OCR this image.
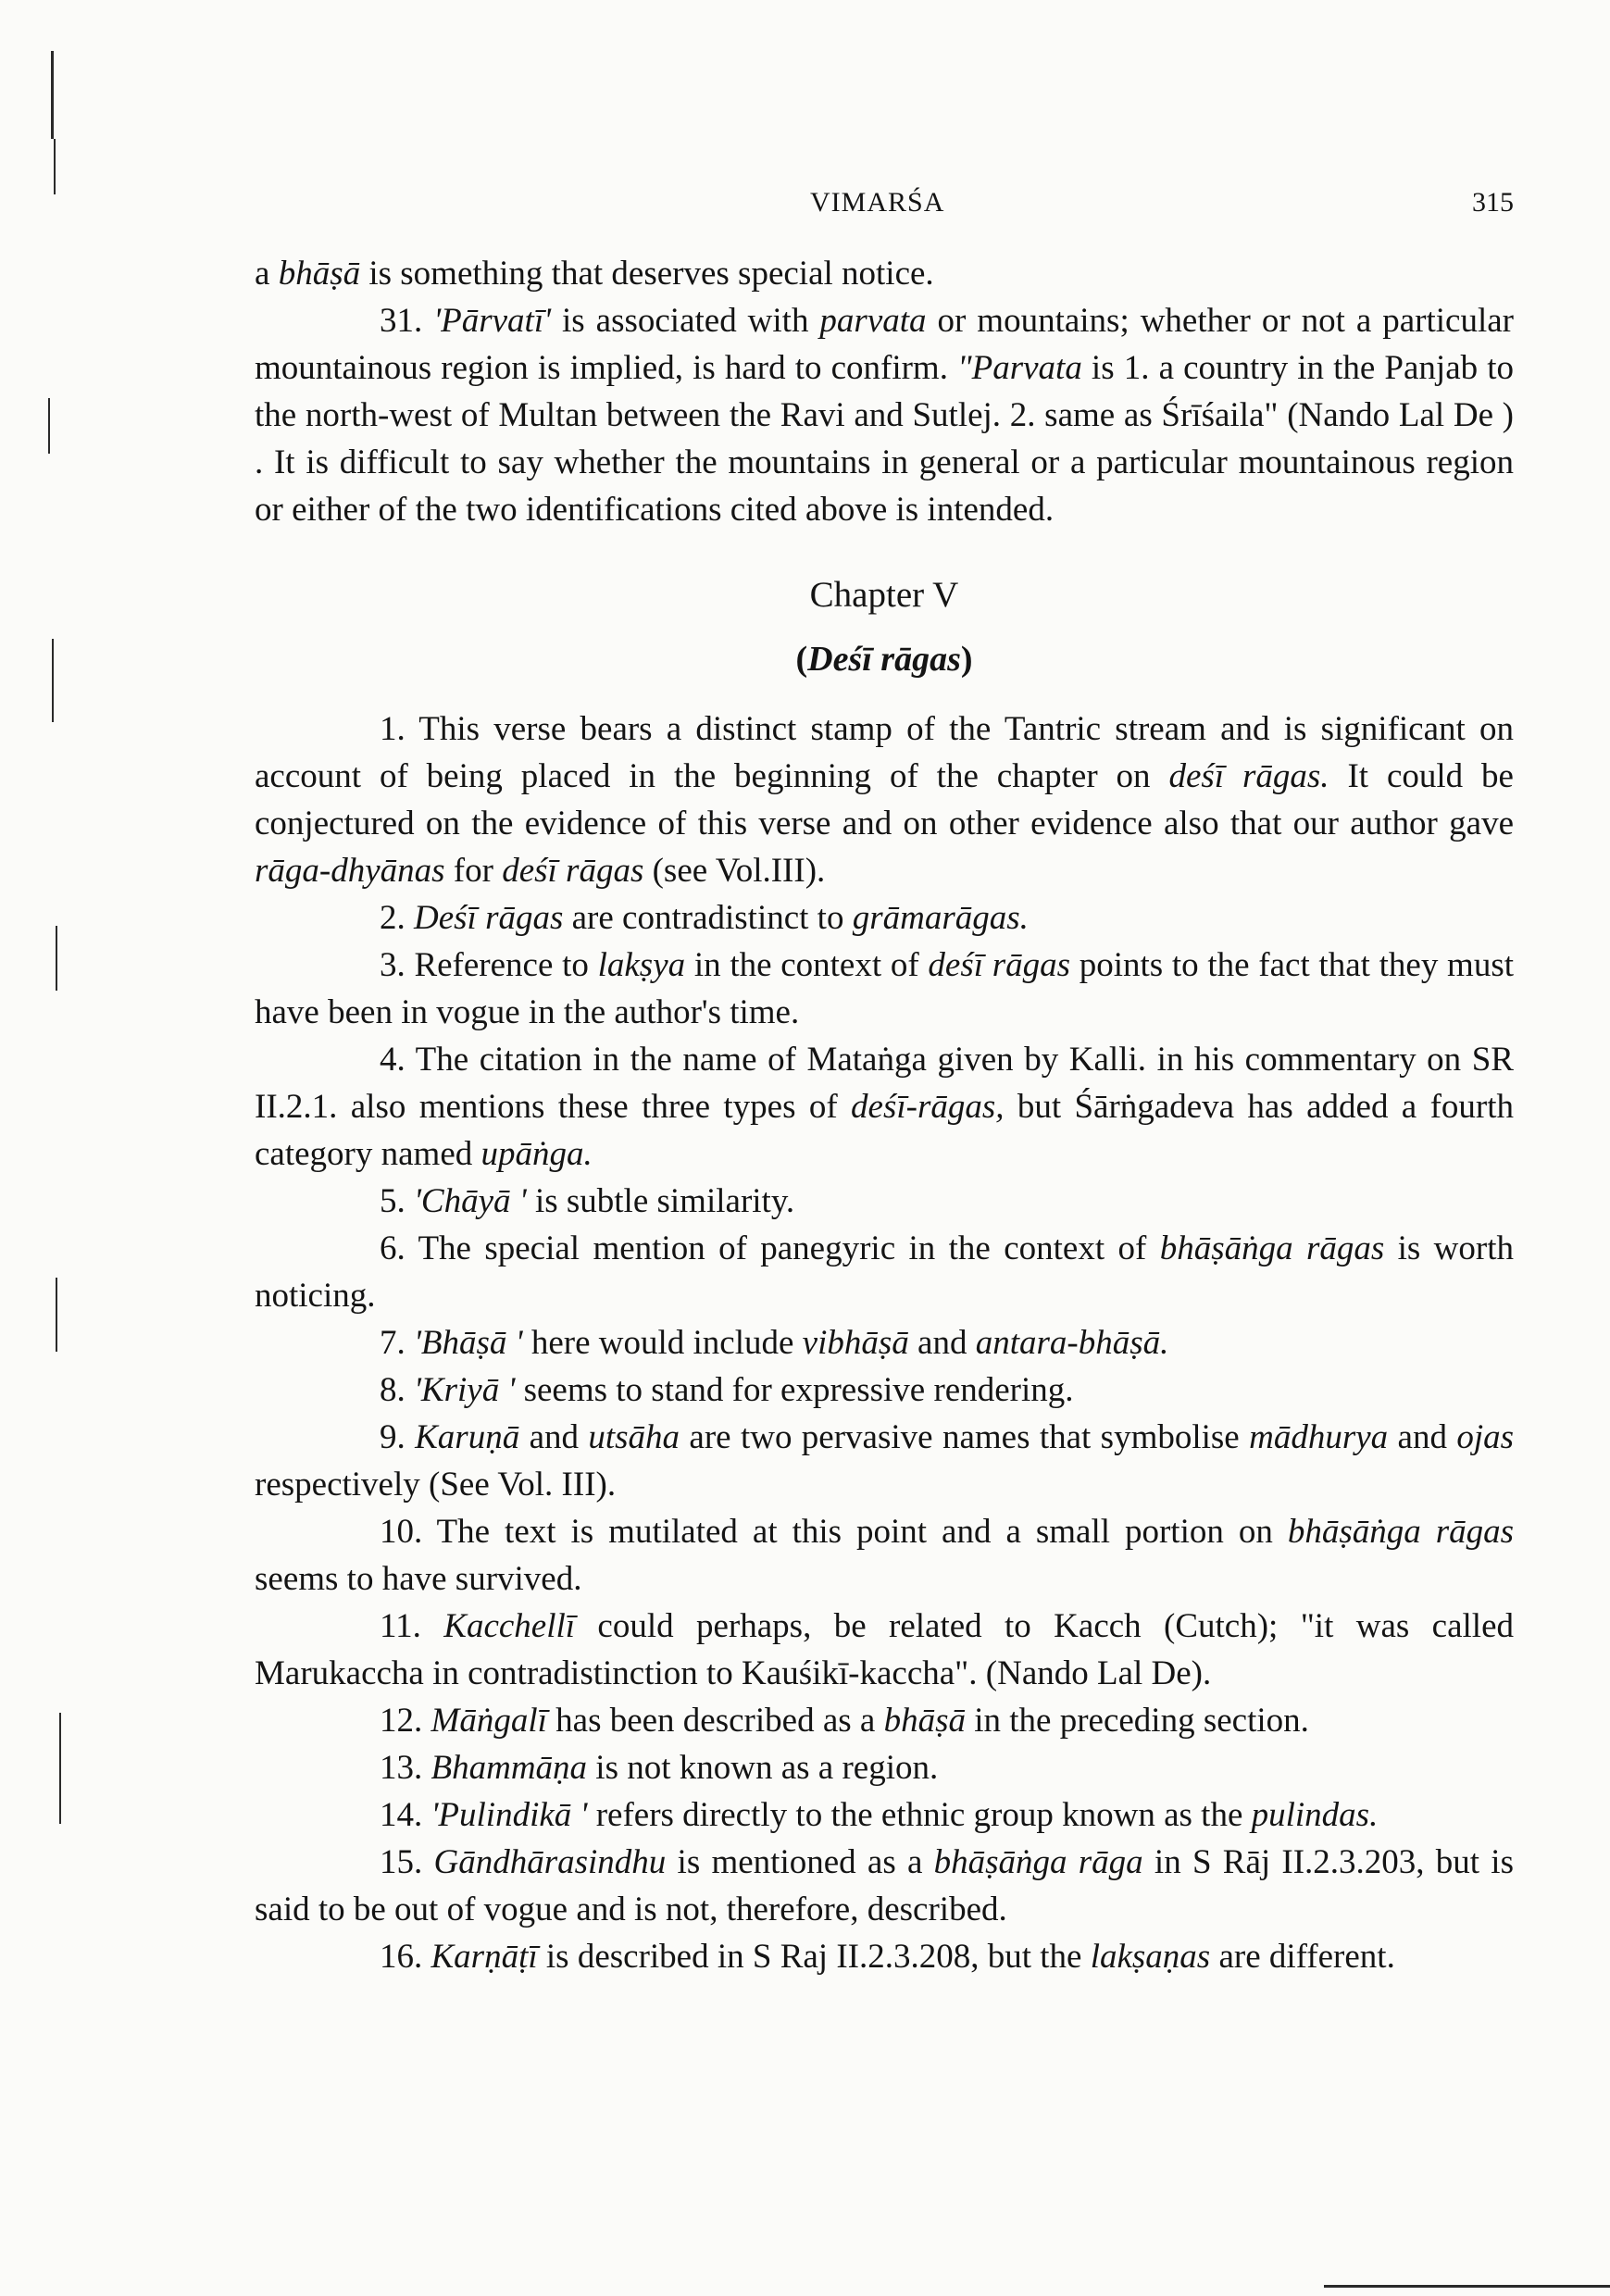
VIMARŚA	315

a bhāṣā is something that deserves special notice.

31. 'Pārvatī' is associated with parvata or mountains; whether or not a particular mountainous region is implied, is hard to confirm. "Parvata is 1. a country in the Panjab to the north-west of Multan between the Ravi and Sutlej. 2. same as Śrīśaila" (Nando Lal De ) . It is difficult to say whether the mountains in general or a particular mountainous region or either of the two identifications cited above is intended.

Chapter V
(Deśī rāgas)

1. This verse bears a distinct stamp of the Tantric stream and is significant on account of being placed in the beginning of the chapter on deśī rāgas. It could be conjectured on the evidence of this verse and on other evidence also that our author gave rāga-dhyānas for deśī rāgas (see Vol.III).

2. Deśī rāgas are contradistinct to grāmarāgas.

3. Reference to lakṣya in the context of deśī rāgas points to the fact that they must have been in vogue in the author's time.

4. The citation in the name of Mataṅga given by Kalli. in his commentary on SR II.2.1. also mentions these three types of deśī-rāgas, but Śārṅgadeva has added a fourth category named upāṅga.

5. 'Chāyā ' is subtle similarity.

6. The special mention of panegyric in the context of bhāṣāṅga rāgas is worth noticing.

7. 'Bhāṣā ' here would include vibhāṣā and antara-bhāṣā.

8. 'Kriyā ' seems to stand for expressive rendering.

9. Karuṇā and utsāha are two pervasive names that symbolise mādhurya and ojas respectively (See Vol. III).

10. The text is mutilated at this point and a small portion on bhāṣāṅga rāgas seems to have survived.

11. Kacchellī could perhaps, be related to Kacch (Cutch); "it was called Marukaccha in contradistinction to Kauśikī-kaccha". (Nando Lal De).

12. Māṅgalī has been described as a bhāṣā in the preceding section.

13. Bhammāṇa is not known as a region.

14. 'Pulindikā ' refers directly to the ethnic group known as the pulindas.

15. Gāndhārasindhu is mentioned as a bhāṣāṅga rāga in S Rāj II.2.3.203, but is said to be out of vogue and is not, therefore, described.

16. Karṇāṭī is described in S Raj II.2.3.208, but the lakṣaṇas are different.
